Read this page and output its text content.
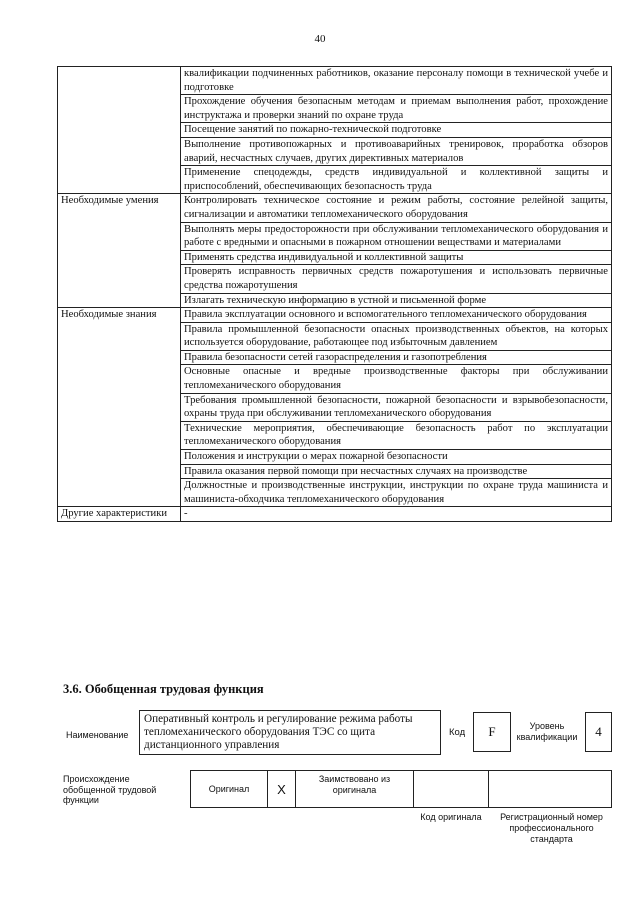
40
	квалификации подчиненных работников, оказание персоналу помощи в технической учебе и подготовке
	Прохождение обучения безопасным методам и приемам выполнения работ, прохождение инструктажа и проверки знаний по охране труда
	Посещение занятий по пожарно-технической подготовке
	Выполнение противопожарных и противоаварийных тренировок, проработка обзоров аварий, несчастных случаев, других директивных материалов
	Применение спецодежды, средств индивидуальной и коллективной защиты и приспособлений, обеспечивающих безопасность труда
Необходимые умения	Контролировать техническое состояние и режим работы, состояние релейной защиты, сигнализации и автоматики тепломеханического оборудования
	Выполнять меры предосторожности при обслуживании тепломеханического оборудования и работе с вредными и опасными в пожарном отношении веществами и материалами
	Применять средства индивидуальной и коллективной защиты
	Проверять исправность первичных средств пожаротушения и использовать первичные средства пожаротушения
	Излагать техническую информацию в устной и письменной форме
Необходимые знания	Правила эксплуатации основного и вспомогательного тепломеханического оборудования
	Правила промышленной безопасности опасных производственных объектов, на которых используется оборудование, работающее под избыточным давлением
	Правила безопасности сетей газораспределения и газопотребления
	Основные опасные и вредные производственные факторы при обслуживании тепломеханического оборудования
	Требования промышленной безопасности, пожарной безопасности и взрывобезопасности, охраны труда при обслуживании тепломеханического оборудования
	Технические мероприятия, обеспечивающие безопасность работ по эксплуатации тепломеханического оборудования
	Положения и инструкции о мерах пожарной безопасности
	Правила оказания первой помощи при несчастных случаях на производстве
	Должностные и производственные инструкции, инструкции по охране труда машиниста и машиниста-обходчика тепломеханического оборудования
Другие характеристики	-
3.6. Обобщенная трудовая функция
Наименование
Оперативный контроль и регулирование режима работы тепломеханического оборудования ТЭС со щита дистанционного управления
Код	F	Уровень квалификации	4
Происхождение обобщенной трудовой функции
Оригинал	X
Заимствовано из оригинала
Код оригинала	Регистрационный номер профессионального стандарта
